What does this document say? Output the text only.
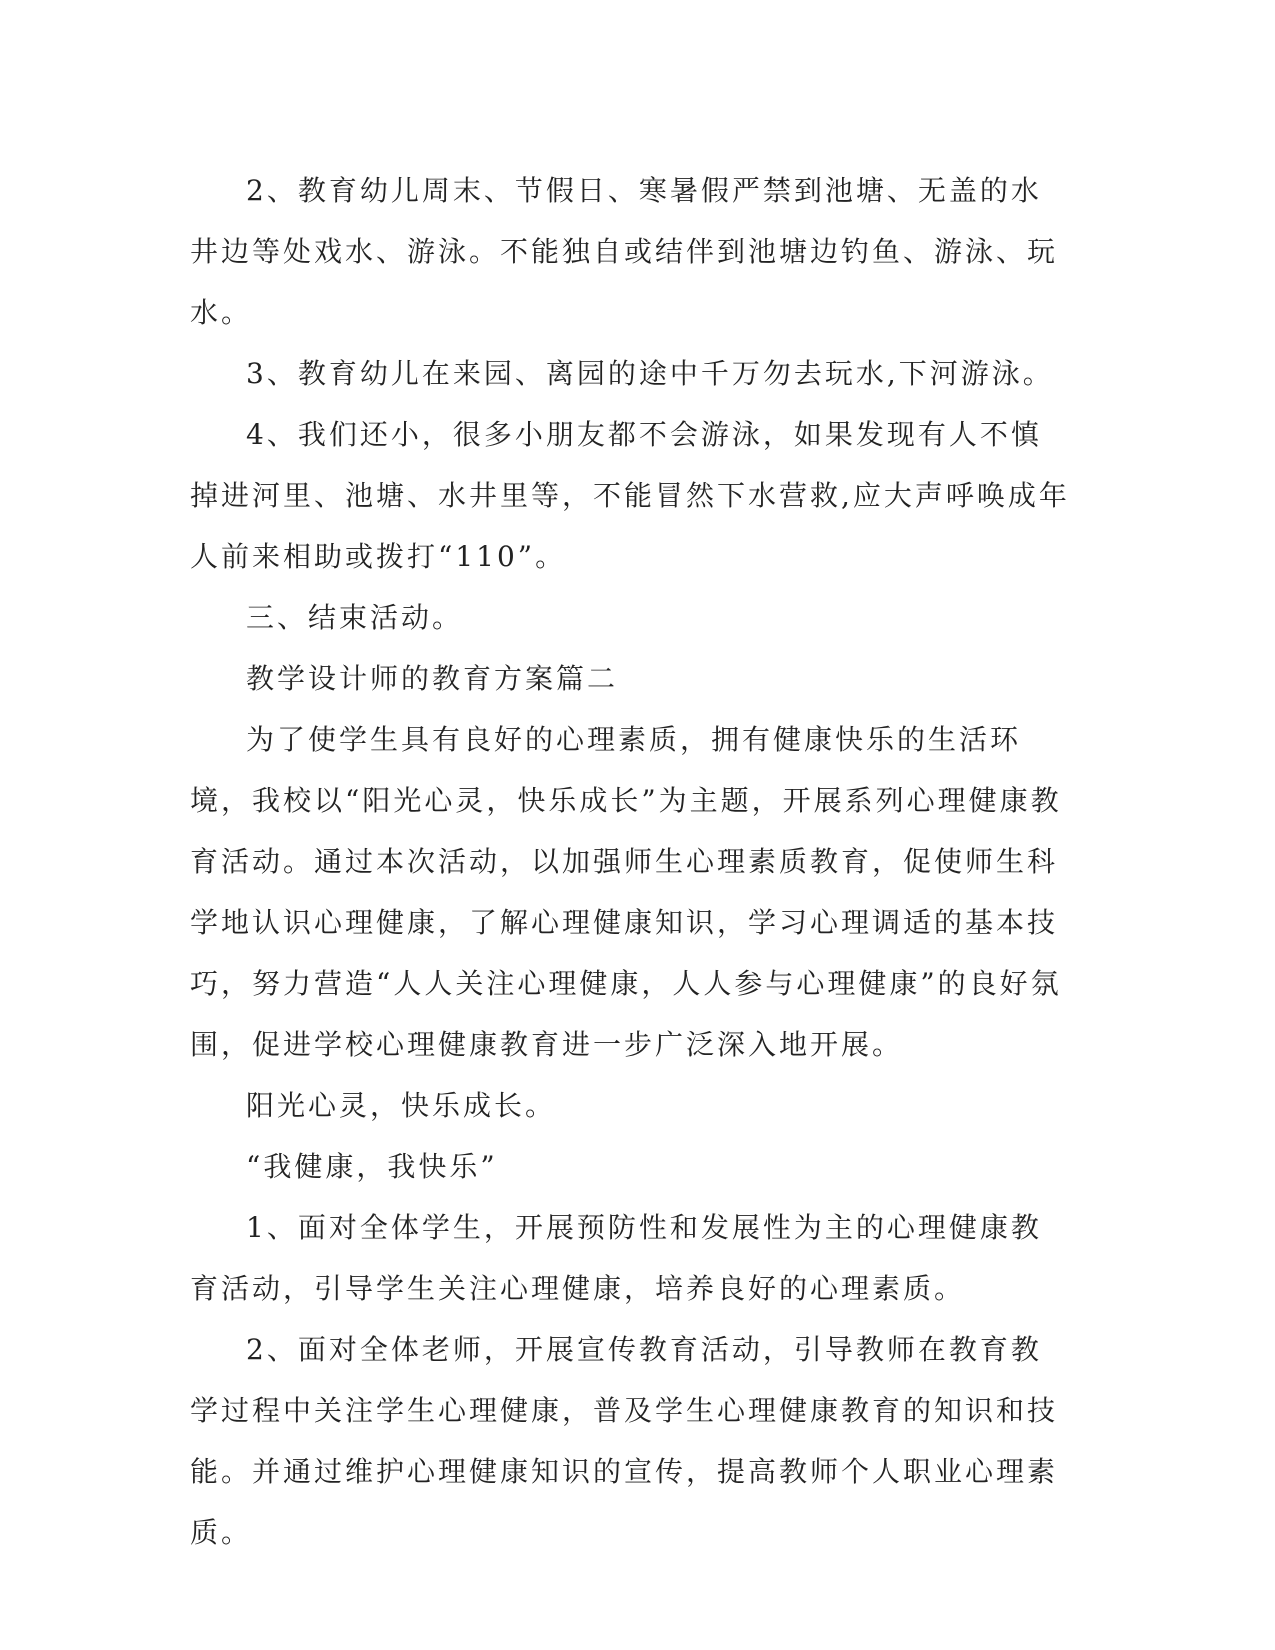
2、教育幼儿周末、节假日、寒暑假严禁到池塘、无盖的水井边等处戏水、游泳。不能独自或结伴到池塘边钓鱼、游泳、玩水。

3、教育幼儿在来园、离园的途中千万勿去玩水,下河游泳。

4、我们还小，很多小朋友都不会游泳，如果发现有人不慎掉进河里、池塘、水井里等，不能冒然下水营救,应大声呼唤成年人前来相助或拨打“110”。

三、结束活动。

教学设计师的教育方案篇二

为了使学生具有良好的心理素质，拥有健康快乐的生活环境，我校以“阳光心灵，快乐成长”为主题，开展系列心理健康教育活动。通过本次活动，以加强师生心理素质教育，促使师生科学地认识心理健康，了解心理健康知识，学习心理调适的基本技巧，努力营造“人人关注心理健康，人人参与心理健康”的良好氛围，促进学校心理健康教育进一步广泛深入地开展。

阳光心灵，快乐成长。

“我健康，我快乐”

1、面对全体学生，开展预防性和发展性为主的心理健康教育活动，引导学生关注心理健康，培养良好的心理素质。

2、面对全体老师，开展宣传教育活动，引导教师在教育教学过程中关注学生心理健康，普及学生心理健康教育的知识和技能。并通过维护心理健康知识的宣传，提高教师个人职业心理素质。
